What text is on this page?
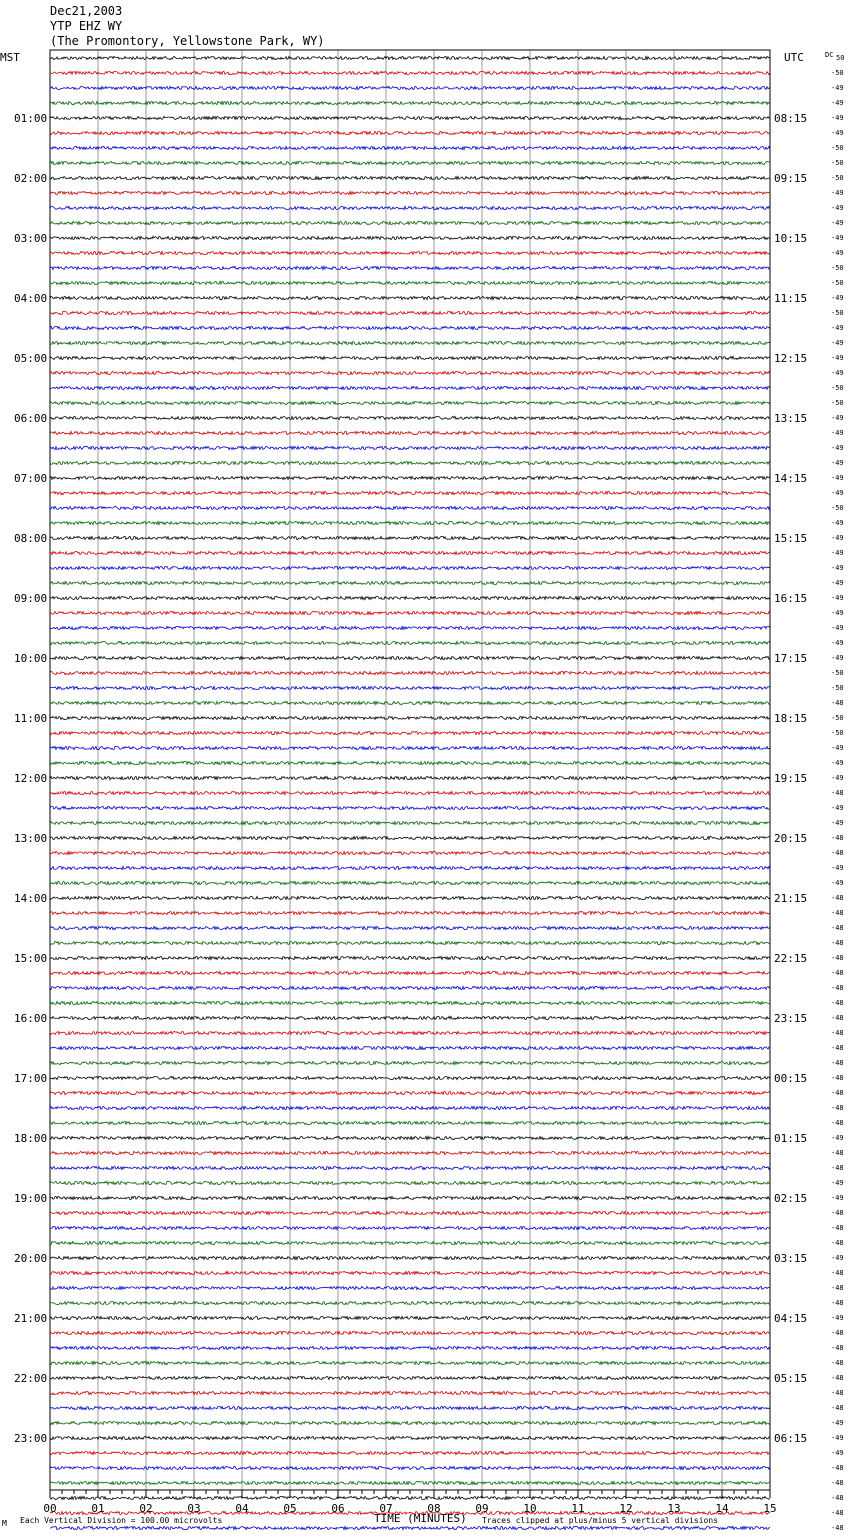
Dec21,2003
YTP EHZ WY
(The Promontory, Yellowstone Park, WY)
MST	UTC	DC 50
01:00
02:00
03:00
04:00
05:00
06:00
07:00
08:00
09:00
10:00
11:00
12:00
13:00
14:00
15:00
16:00
17:00
18:00
19:00
20:00
21:00
22:00
23:00
08:15
09:15
10:15
11:15
12:15
13:15
14:15
15:15
16:15
17:15
18:15
19:15
20:15
21:15
22:15
23:15
00:15
01:15
02:15
03:15
04:15
05:15
06:15
-50
-49
-49
-49
-49
-50
-50
-50
-49
-49
-49
-49
-49
-50
-50
-49
-50
-49
-49
-49
-49
-50
-50
-49
-49
-49
-49
-49
-49
-50
-49
-49
-49
-49
-49
-49
-49
-49
-49
-49
-50
-50
-48
-50
-50
-49
-49
-49
-48
-49
-49
-48
-48
-49
-49
-48
-48
-48
-48
-48
-48
-48
-48
-48
-48
-48
-48
-48
-48
-48
-48
-49
-48
-48
-49
-49
-48
-48
-48
-49
-48
-48
-48
-49
-48
-48
-48
-48
-48
-48
-49
-49
-49
-48
-48
-48
-48
-48
00	01	02	03	04	05	06	07	08	09	10	11	12	13	14	15
M Each Vertical Division = 100.00 microvolts	TIME (MINUTES) Traces clipped at plus/minus 5 vertical divisions
